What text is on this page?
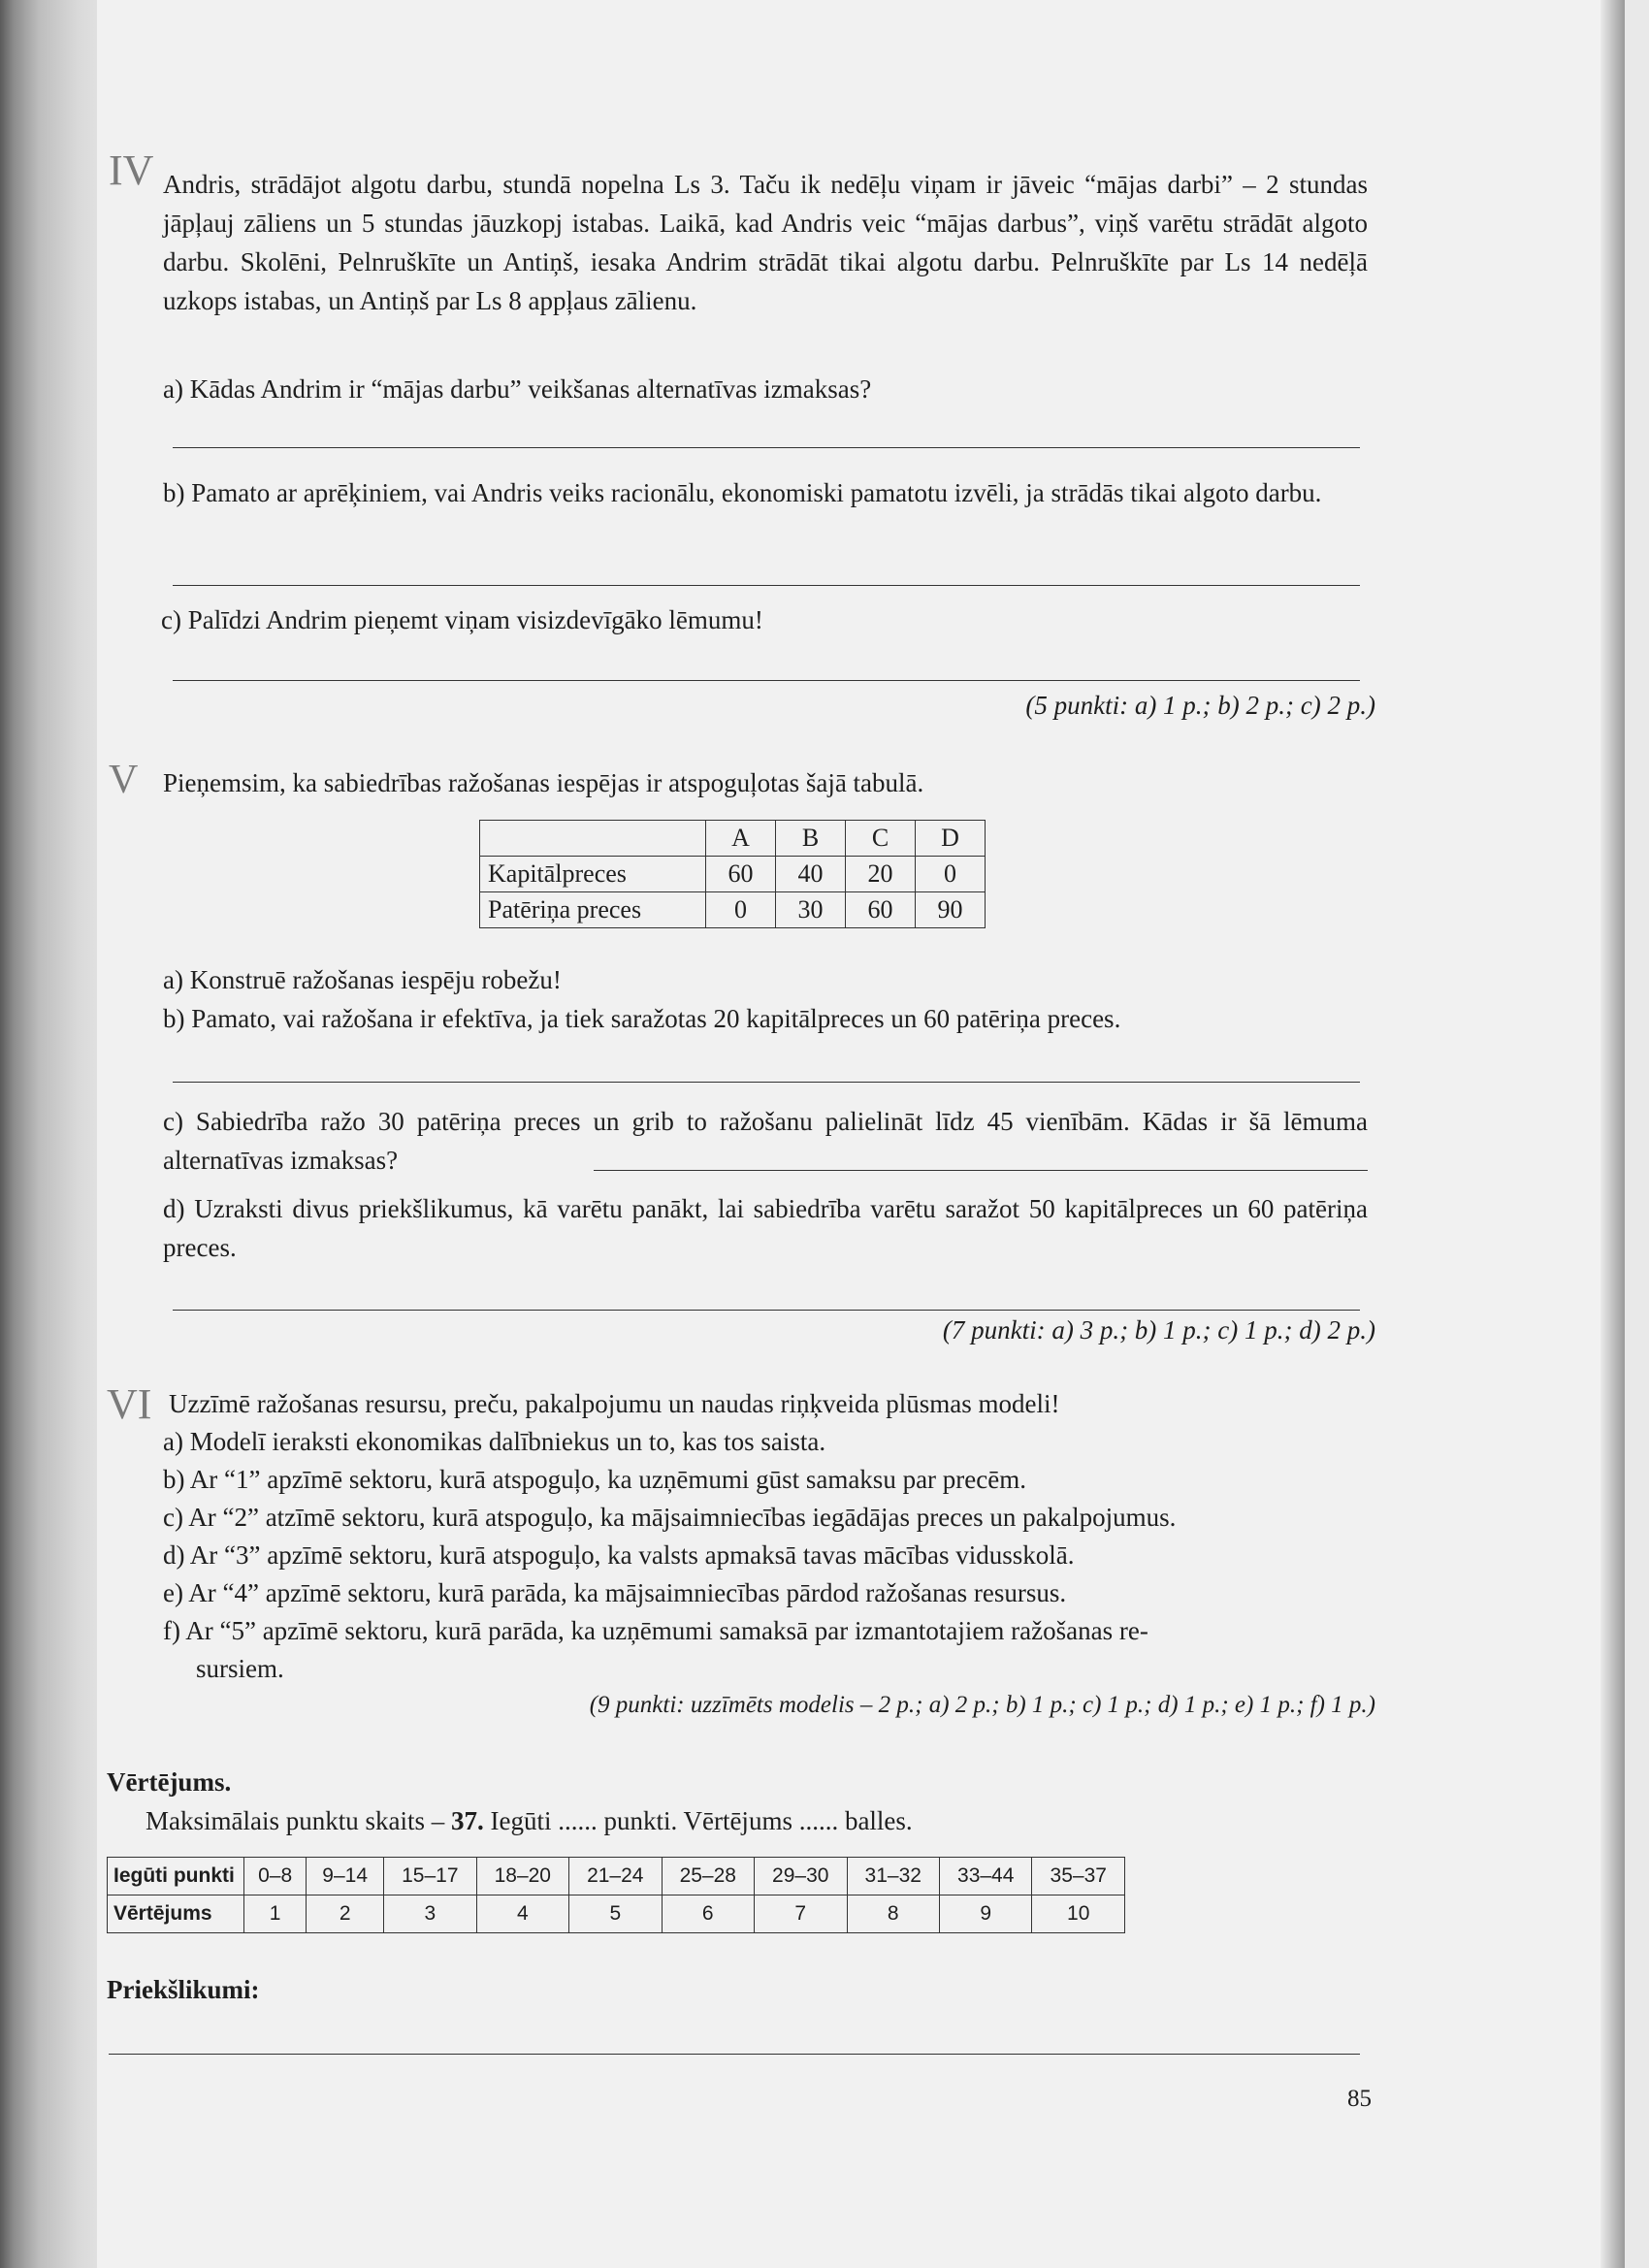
IV Andris, strādājot algotu darbu, stundā nopelna Ls 3. Taču ik nedēļu viņam ir jāveic “mājas darbi” – 2 stundas jāpļauj zāliens un 5 stundas jāuzkopj istabas. Laikā, kad Andris veic “mājas darbus”, viņš varētu strādāt algoto darbu. Skolēni, Pelnruškīte un Antiņš, iesaka Andrim strādāt tikai algotu darbu. Pelnruškīte par Ls 14 nedēļā uzkops istabas, un Antiņš par Ls 8 appļaus zālienu.
a) Kādas Andrim ir “mājas darbu” veikšanas alternatīvas izmaksas?
b) Pamato ar aprēķiniem, vai Andris veiks racionālu, ekonomiski pamatotu izvēli, ja strādās tikai algoto darbu.
c) Palīdzi Andrim pieņemt viņam visizdevīgāko lēmumu!
(5 punkti: a) 1 p.; b) 2 p.; c) 2 p.)
V Pieņemsim, ka sabiedrības ražošanas iespējas ir atspoguļotas šajā tabulā.
	A	B	C	D
Kapitālpreces	60	40	20	0
Patēriņa preces	0	30	60	90
a) Konstruē ražošanas iespēju robežu!
b) Pamato, vai ražošana ir efektīva, ja tiek saražotas 20 kapitālpreces un 60 patēriņa preces.
c) Sabiedrība ražo 30 patēriņa preces un grib to ražošanu palielināt līdz 45 vienībām. Kādas ir šā lēmuma alternatīvas izmaksas?
d) Uzraksti divus priekšlikumus, kā varētu panākt, lai sabiedrība varētu saražot 50 kapitālpreces un 60 patēriņa preces.
(7 punkti: a) 3 p.; b) 1 p.; c) 1 p.; d) 2 p.)
VI Uzzīmē ražošanas resursu, preču, pakalpojumu un naudas riņķveida plūsmas modeli!
a) Modelī ieraksti ekonomikas dalībniekus un to, kas tos saista.
b) Ar “1” apzīmē sektoru, kurā atspoguļo, ka uzņēmumi gūst samaksu par precēm.
c) Ar “2” atzīmē sektoru, kurā atspoguļo, ka mājsaimniecības iegādājas preces un pakalpojumus.
d) Ar “3” apzīmē sektoru, kurā atspoguļo, ka valsts apmaksā tavas mācības vidusskolā.
e) Ar “4” apzīmē sektoru, kurā parāda, ka mājsaimniecības pārdod ražošanas resursus.
f) Ar “5” apzīmē sektoru, kurā parāda, ka uzņēmumi samaksā par izmantotajiem ražošanas re-
sursiem.
(9 punkti: uzzīmēts modelis – 2 p.; a) 2 p.; b) 1 p.; c) 1 p.; d) 1 p.; e) 1 p.; f) 1 p.)
Vērtējums.
Maksimālais punktu skaits – 37. Iegūti ...... punkti. Vērtējums ...... balles.
Iegūti punkti	0–8	9–14	15–17	18–20	21–24	25–28	29–30	31–32	33–44	35–37
Vērtējums	1	2	3	4	5	6	7	8	9	10
Priekšlikumi:
85
